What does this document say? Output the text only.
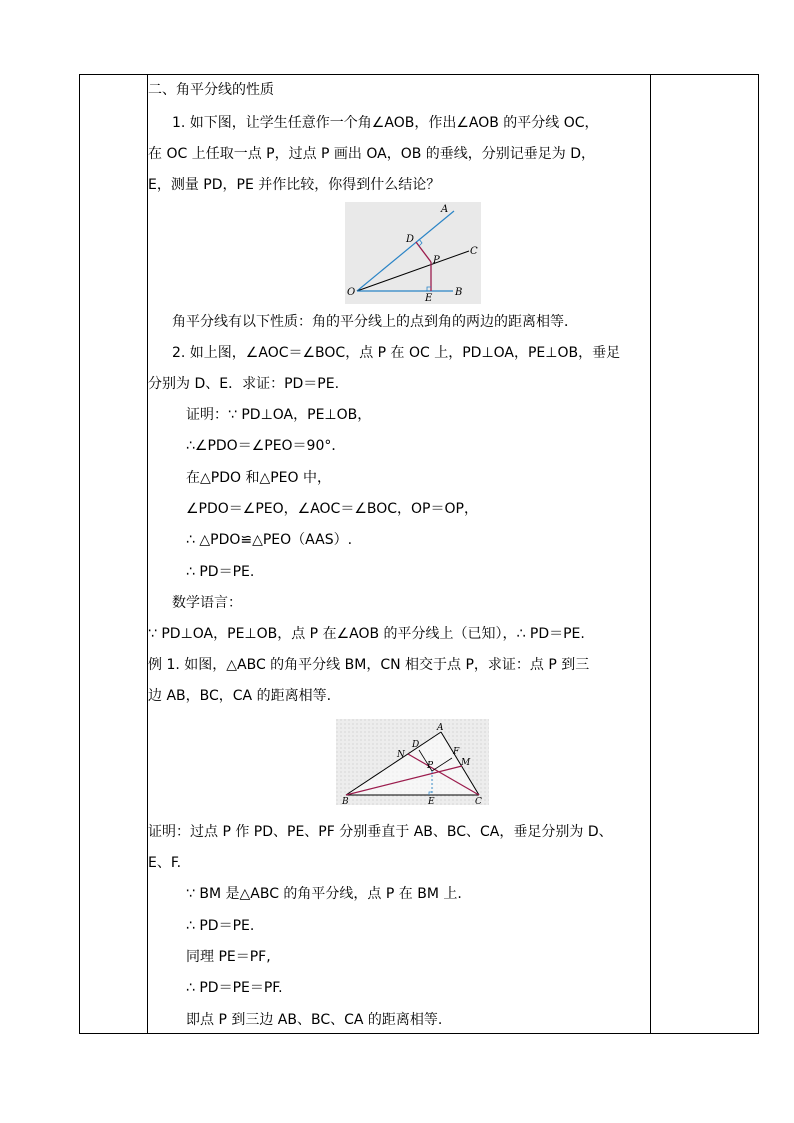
二、角平分线的性质
1. 如下图，让学生任意作一个角∠AOB，作出∠AOB 的平分线 OC，
在 OC 上任取一点 P，过点 P 画出 OA，OB 的垂线，分别记垂足为 D，
E，测量 PD，PE 并作比较，你得到什么结论？
A
C
D
P
O
E
B
角平分线有以下性质：角的平分线上的点到角的两边的距离相等．
2. 如上图，∠AOC＝∠BOC，点 P 在 OC 上，PD⊥OA，PE⊥OB，垂足
分别为 D、E．求证：PD＝PE.
证明：∵ PD⊥OA，PE⊥OB，
∴∠PDO＝∠PEO＝90°．
在△PDO 和△PEO 中，
∠PDO＝∠PEO，∠AOC＝∠BOC，OP＝OP，
∴ △PDO≌△PEO（AAS）.
∴ PD＝PE.
数学语言：
∵ PD⊥OA，PE⊥OB，点 P 在∠AOB 的平分线上（已知），∴ PD＝PE.
例 1. 如图，△ABC 的角平分线 BM，CN 相交于点 P，求证：点 P 到三
边 AB，BC，CA 的距离相等.
A
D
N	F
P	M
B	E	C
证明：过点 P 作 PD、PE、PF 分别垂直于 AB、BC、CA，垂足分别为 D、
E、F.
∵ BM 是△ABC 的角平分线，点 P 在 BM 上.
∴ PD＝PE.
同理 PE＝PF,
∴ PD＝PE＝PF.
即点 P 到三边 AB、BC、CA 的距离相等.
